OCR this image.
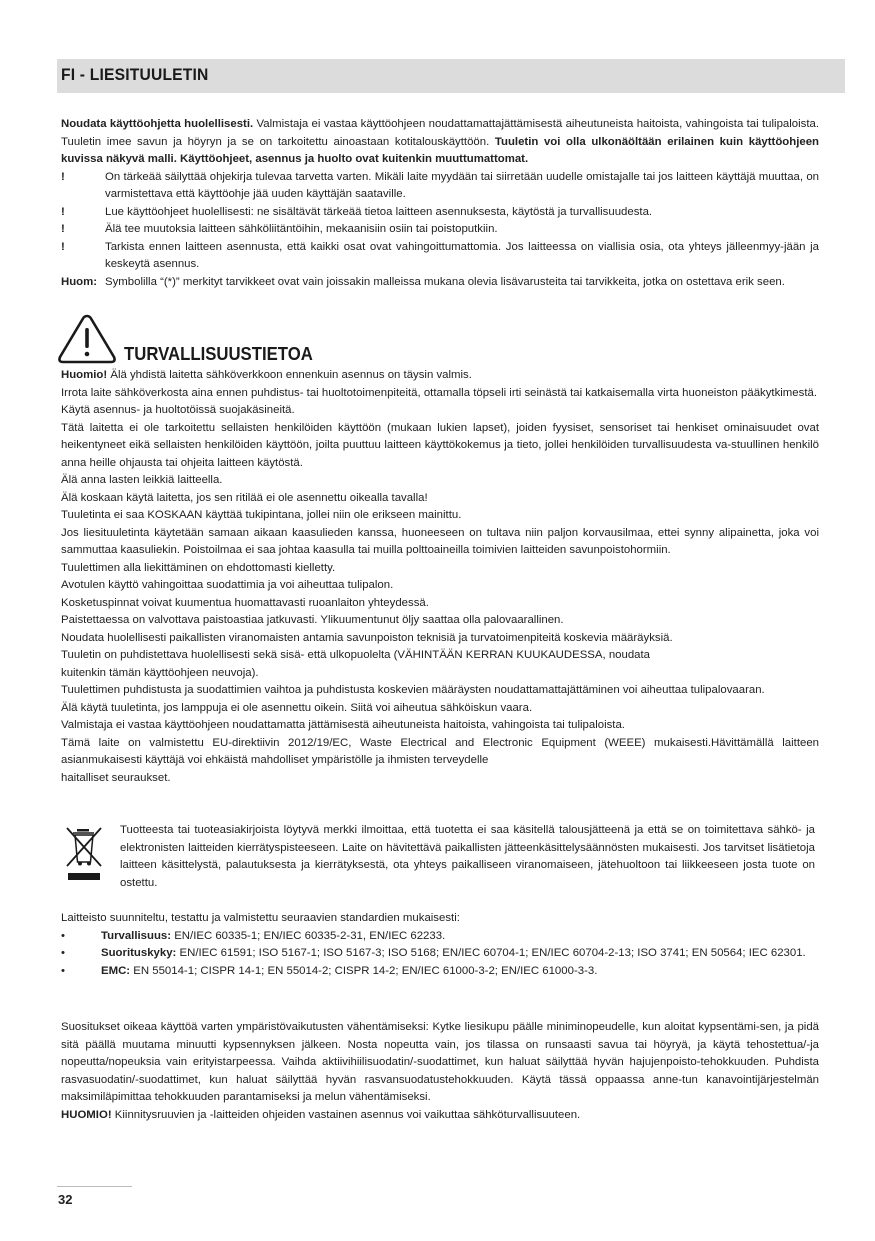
FI - LIESITUULETIN
Noudata käyttöohjetta huolellisesti. Valmistaja ei vastaa käyttöohjeen noudattamattajättämisestä aiheutuneista haitoista, vahingoista tai tulipaloista. Tuuletin imee savun ja höyryn ja se on tarkoitettu ainoastaan kotitalouskäyttöön. Tuuletin voi olla ulkonäöltään erilainen kuin käyttöohjeen kuvissa näkyvä malli. Käyttöohjeet, asennus ja huolto ovat kuitenkin muuttumattomat.
!	On tärkeää säilyttää ohjekirja tulevaa tarvetta varten. Mikäli laite myydään tai siirretään uudelle omistajalle tai jos laitteen käyttäjä muuttaa, on varmistettava että käyttöohje jää uuden käyttäjän saataville.
!	Lue käyttöohjeet huolellisesti: ne sisältävät tärkeää tietoa laitteen asennuksesta, käytöstä ja turvallisuudesta.
!	Älä tee muutoksia laitteen sähköliitäntöihin, mekaanisiin osiin tai poistoputkiin.
!	Tarkista ennen laitteen asennusta, että kaikki osat ovat vahingoittumattomia. Jos laitteessa on viallisia osia, ota yhteys jälleenmyy-jään ja keskeytä asennus.
Huom: Symbolilla “(*)” merkityt tarvikkeet ovat vain joissakin malleissa mukana olevia lisävarusteita tai tarvikkeita, jotka on ostettava erik seen.
TURVALLISUUSTIETOA

Huomio! Älä yhdistä laitetta sähköverkkoon ennenkuin asennus on täysin valmis.

Irrota laite sähköverkosta aina ennen puhdistus- tai huoltotoimenpiteitä, ottamalla töpseli irti seinästä tai katkaisemalla virta huoneiston pääkytkimestä.

Käytä asennus- ja huoltotöissä suojakäsineitä.

Tätä laitetta ei ole tarkoitettu sellaisten henkilöiden käyttöön (mukaan lukien lapset), joiden fyysiset, sensoriset tai henkiset ominaisuudet ovat heikentyneet eikä sellaisten henkilöiden käyttöön, joilta puuttuu laitteen käyttökokemus ja tieto, jollei henkilöiden turvallisuudesta va-stuullinen henkilö anna heille ohjausta tai ohjeita laitteen käytöstä.

Älä anna lasten leikkiä laitteella.

Älä koskaan käytä laitetta, jos sen ritilää ei ole asennettu oikealla tavalla!

Tuuletinta ei saa KOSKAAN käyttää tukipintana, jollei niin ole erikseen mainittu.

Jos liesituuletinta käytetään samaan aikaan kaasulieden kanssa, huoneeseen on tultava niin paljon korvausilmaa, ettei synny alipainetta, joka voi sammuttaa kaasuliekin. Poistoilmaa ei saa johtaa kaasulla tai muilla polttoaineilla toimivien laitteiden savunpoistohormiin.

Tuulettimen alla liekittäminen on ehdottomasti kielletty.

Avotulen käyttö vahingoittaa suodattimia ja voi aiheuttaa tulipalon.

Kosketuspinnat voivat kuumentua huomattavasti ruoanlaiton yhteydessä.

Paistettaessa on valvottava paistoastiaa jatkuvasti. Ylikuumentunut öljy saattaa olla palovaarallinen.

Noudata huolellisesti paikallisten viranomaisten antamia savunpoiston teknisiä ja turvatoimenpiteitä koskevia määräyksiä.

Tuuletin on puhdistettava huolellisesti sekä sisä- että ulkopuolelta (VÄHINTÄÄN KERRAN KUUKAUDESSA, noudata

kuitenkin tämän käyttöohjeen neuvoja).

Tuulettimen puhdistusta ja suodattimien vaihtoa ja puhdistusta koskevien määräysten noudattamattajättäminen voi aiheuttaa tulipalovaaran.

Älä käytä tuuletinta, jos lamppuja ei ole asennettu oikein. Siitä voi aiheutua sähköiskun vaara.

Valmistaja ei vastaa käyttöohjeen noudattamatta jättämisestä aiheutuneista haitoista, vahingoista tai tulipaloista.

Tämä laite on valmistettu EU-direktiivin 2012/19/EC, Waste Electrical and Electronic Equipment (WEEE) mukaisesti.Hävittämällä laitteen asianmukaisesti käyttäjä voi ehkäistä mahdolliset ympäristölle ja ihmisten terveydelle

haitalliset seuraukset.

Tuotteesta tai tuoteasiakirjoista löytyvä merkki ilmoittaa, että tuotetta ei saa käsitellä talousjätteenä ja että se on toimitettava sähkö- ja elektronisten laitteiden kierrätyspisteeseen. Laite on hävitettävä paikallisten jätteenkäsittelysäännösten mukaisesti. Jos tarvitset lisätietoja laitteen käsittelystä, palautuksesta ja kierrätyksestä, ota yhteys paikalliseen viranomaiseen, jätehuoltoon tai liikkeeseen josta tuote on ostettu.
Laitteisto suunniteltu, testattu ja valmistettu seuraavien standardien mukaisesti:
•	Turvallisuus: EN/IEC 60335-1; EN/IEC 60335-2-31, EN/IEC 62233.
•	Suorituskyky: EN/IEC 61591; ISO 5167-1; ISO 5167-3; ISO 5168; EN/IEC 60704-1; EN/IEC 60704-2-13; ISO 3741; EN 50564; IEC 62301.
•	EMC: EN 55014-1; CISPR 14-1; EN 55014-2; CISPR 14-2; EN/IEC 61000-3-2; EN/IEC 61000-3-3.
Suositukset oikeaa käyttöä varten ympäristövaikutusten vähentämiseksi: Kytke liesikupu päälle miniminopeudelle, kun aloitat kypsentämi-sen, ja pidä sitä päällä muutama minuutti kypsennyksen jälkeen. Nosta nopeutta vain, jos tilassa on runsaasti savua tai höyryä, ja käytä tehostettua/-ja nopeutta/nopeuksia vain erityistarpeessa. Vaihda aktiivihiilisuodatin/-suodattimet, kun haluat säilyttää hyvän hajujenpoisto-tehokkuuden. Puhdista rasvasuodatin/-suodattimet, kun haluat säilyttää hyvän rasvansuodatustehokkuuden. Käytä tässä oppaassa anne-tun kanavointijärjestelmän maksimiläpimittaa tehokkuuden parantamiseksi ja melun vähentämiseksi.
HUOMIO! Kiinnitysruuvien ja -laitteiden ohjeiden vastainen asennus voi vaikuttaa sähköturvallisuuteen.
32
